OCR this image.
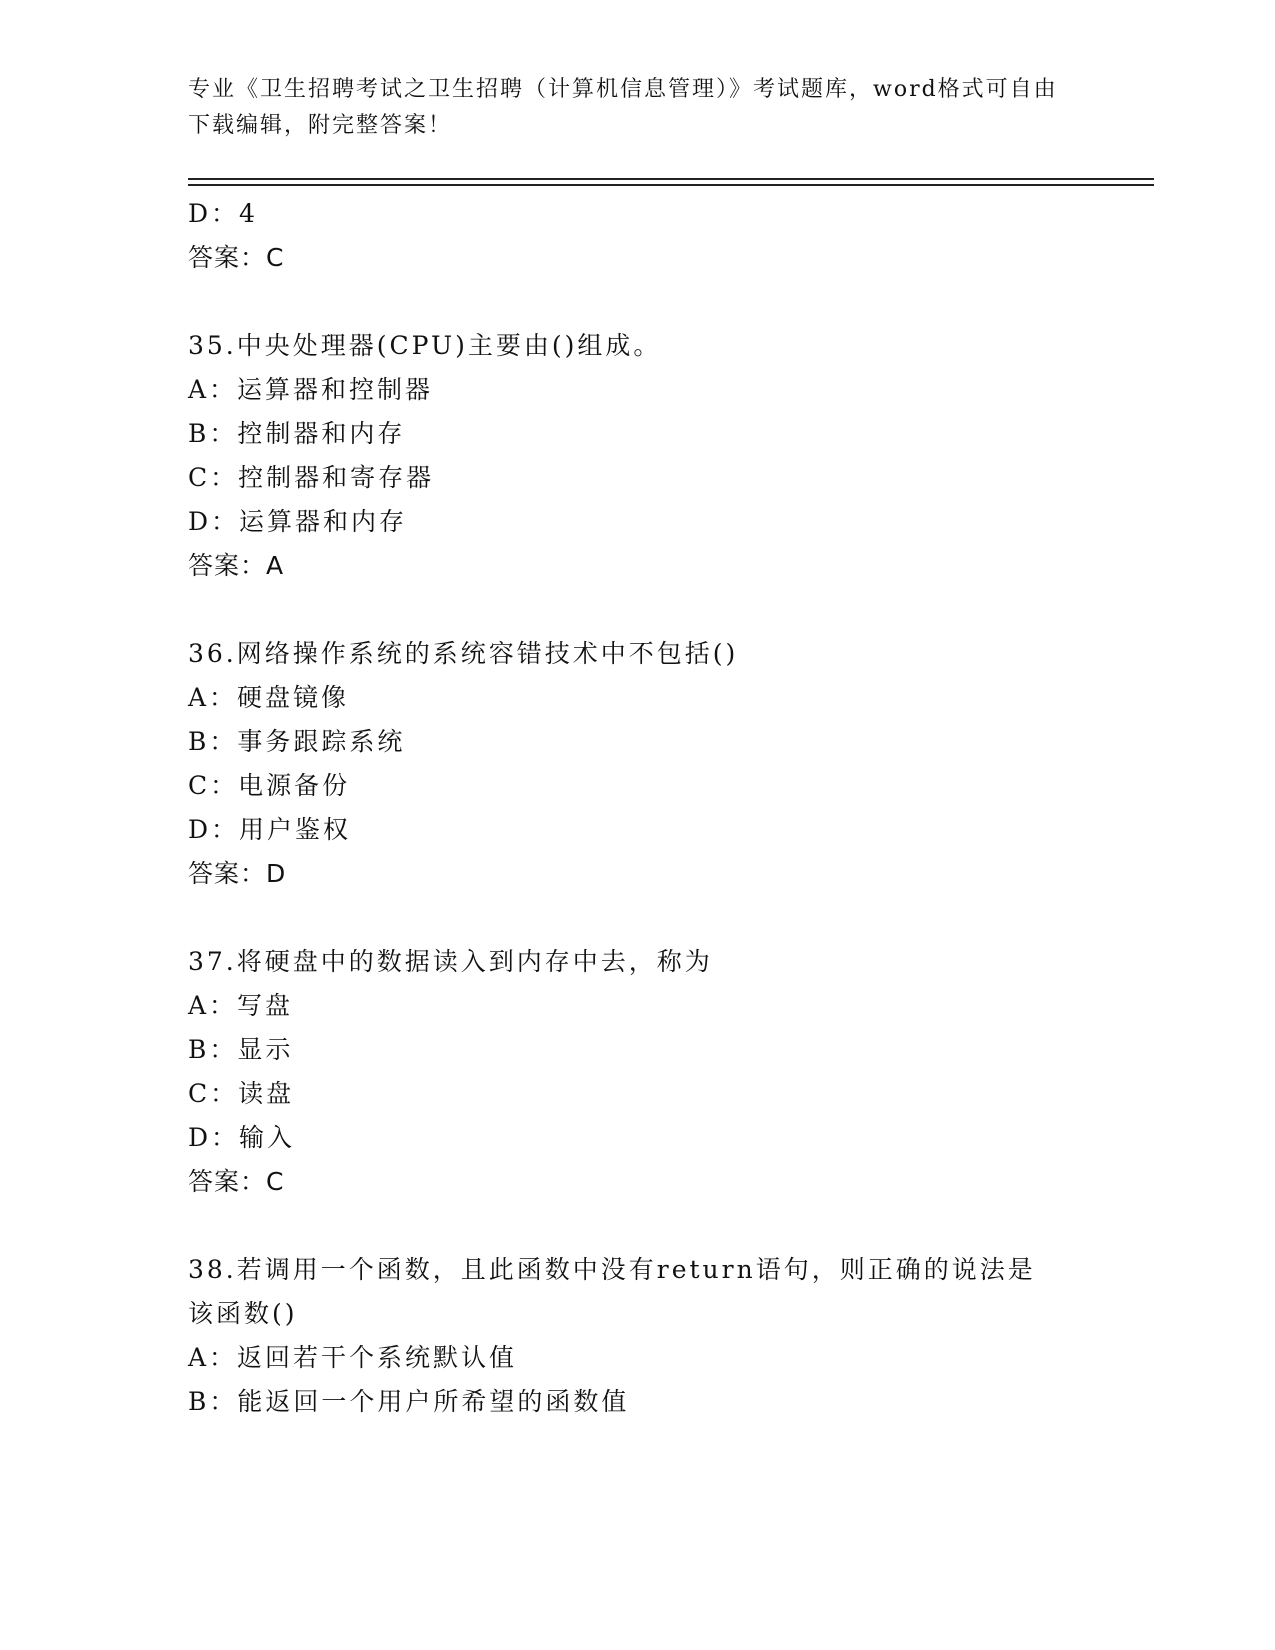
专业《卫生招聘考试之卫生招聘（计算机信息管理）》考试题库，word格式可自由下载编辑，附完整答案！
D：4
答案：C
35.中央处理器(CPU)主要由()组成。
A：运算器和控制器
B：控制器和内存
C：控制器和寄存器
D：运算器和内存
答案：A
36.网络操作系统的系统容错技术中不包括()
A：硬盘镜像
B：事务跟踪系统
C：电源备份
D：用户鉴权
答案：D
37.将硬盘中的数据读入到内存中去，称为
A：写盘
B：显示
C：读盘
D：输入
答案：C
38.若调用一个函数，且此函数中没有return语句，则正确的说法是
该函数()
A：返回若干个系统默认值
B：能返回一个用户所希望的函数值
